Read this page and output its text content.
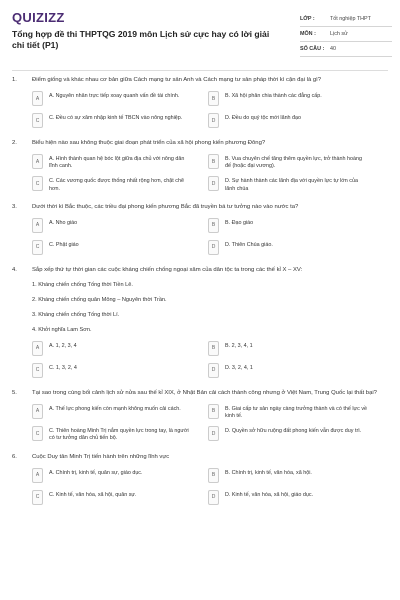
QUIZIZZ
Tổng hợp đề thi THPTQG 2019 môn Lịch sử cực hay có lời giải chi tiết (P1)
LỚP :	Tốt nghiệp THPT
MÔN :	Lịch sử
SỐ CÂU :	40
1.	Điểm giống và khác nhau cơ bản giữa Cách mạng tư sản Anh và Cách mạng tư sản pháp thời kì cận đại là gì?
A	A. Nguyên nhân trực tiếp xoay quanh vấn đề tài chính.	B	B. Xã hội phân chia thành các đẳng cấp.
C	C. Đều có sự xâm nhập kinh tế TBCN vào nông nghiệp.	D	D. Đều do quý tộc mới lãnh đạo
2.	Biểu hiện nào sau không thuộc giai đoạn phát triển của xã hội phong kiến phương Đông?
A	A. Hình thành quan hệ bóc lột giữa địa chủ với nông dân lĩnh canh.
B	B. Vua chuyên chế tăng thêm quyền lực, trở thành hoàng đế (hoặc đại vương).
C	C. Các vương quốc được thống nhất rộng hơn, chặt chẽ hơn.
D	D. Sự hành thành các lãnh địa với quyền lực tự lớn của lãnh chúa
3.	Dưới thời kì Bắc thuộc, các triều đại phong kiến phương Bắc đã truyền bá tư tưởng nào vào nước ta?
A	A. Nho giáo	B	B. Đạo giáo
C	C. Phật giáo	D	D. Thiên Chúa giáo.
4.	Sắp xếp thứ tự thời gian các cuộc kháng chiến chống ngoại xâm của dân tộc ta trong các thế kỉ X – XV:
1. Kháng chiến chống Tống thời Tiền Lê.
2. Kháng chiến chống quân Mông – Nguyên thời Trần.
3. Kháng chiến chống Tống thời Lí.
4. Khởi nghĩa Lam Sơn.
A	A. 1, 2, 3, 4	B	B. 2, 3, 4, 1
C	C. 1, 3, 2, 4	D	D. 3, 2, 4, 1
5.	Tại sao trong cùng bối cảnh lịch sử nửa sau thế kỉ XIX, ở Nhật Bản cải cách thành công nhưng ở Việt Nam, Trung Quốc lại thất bại?
A	A. Thế lực phong kiến còn mạnh không muốn cải cách.	B	B. Giai cấp tư sản ngày càng trưởng thành và có thế lực về kinh tế.
C	C. Thiên hoàng Minh Trị nắm quyền lực trong tay, là người có tư tưởng dân chủ tiến bộ.
D	D. Quyền sở hữu ruộng đất phong kiến vẫn được duy trì.
6.	Cuộc Duy tân Minh Trị tiến hành trên những lĩnh vực
A	A. Chính trị, kinh tế, quân sự, giáo dục.	B	B. Chính trị, kinh tế, văn hóa, xã hội.
C	C. Kinh tế, văn hóa, xã hội, quân sự.	D	D. Kinh tế, văn hóa, xã hội, giáo dục.
